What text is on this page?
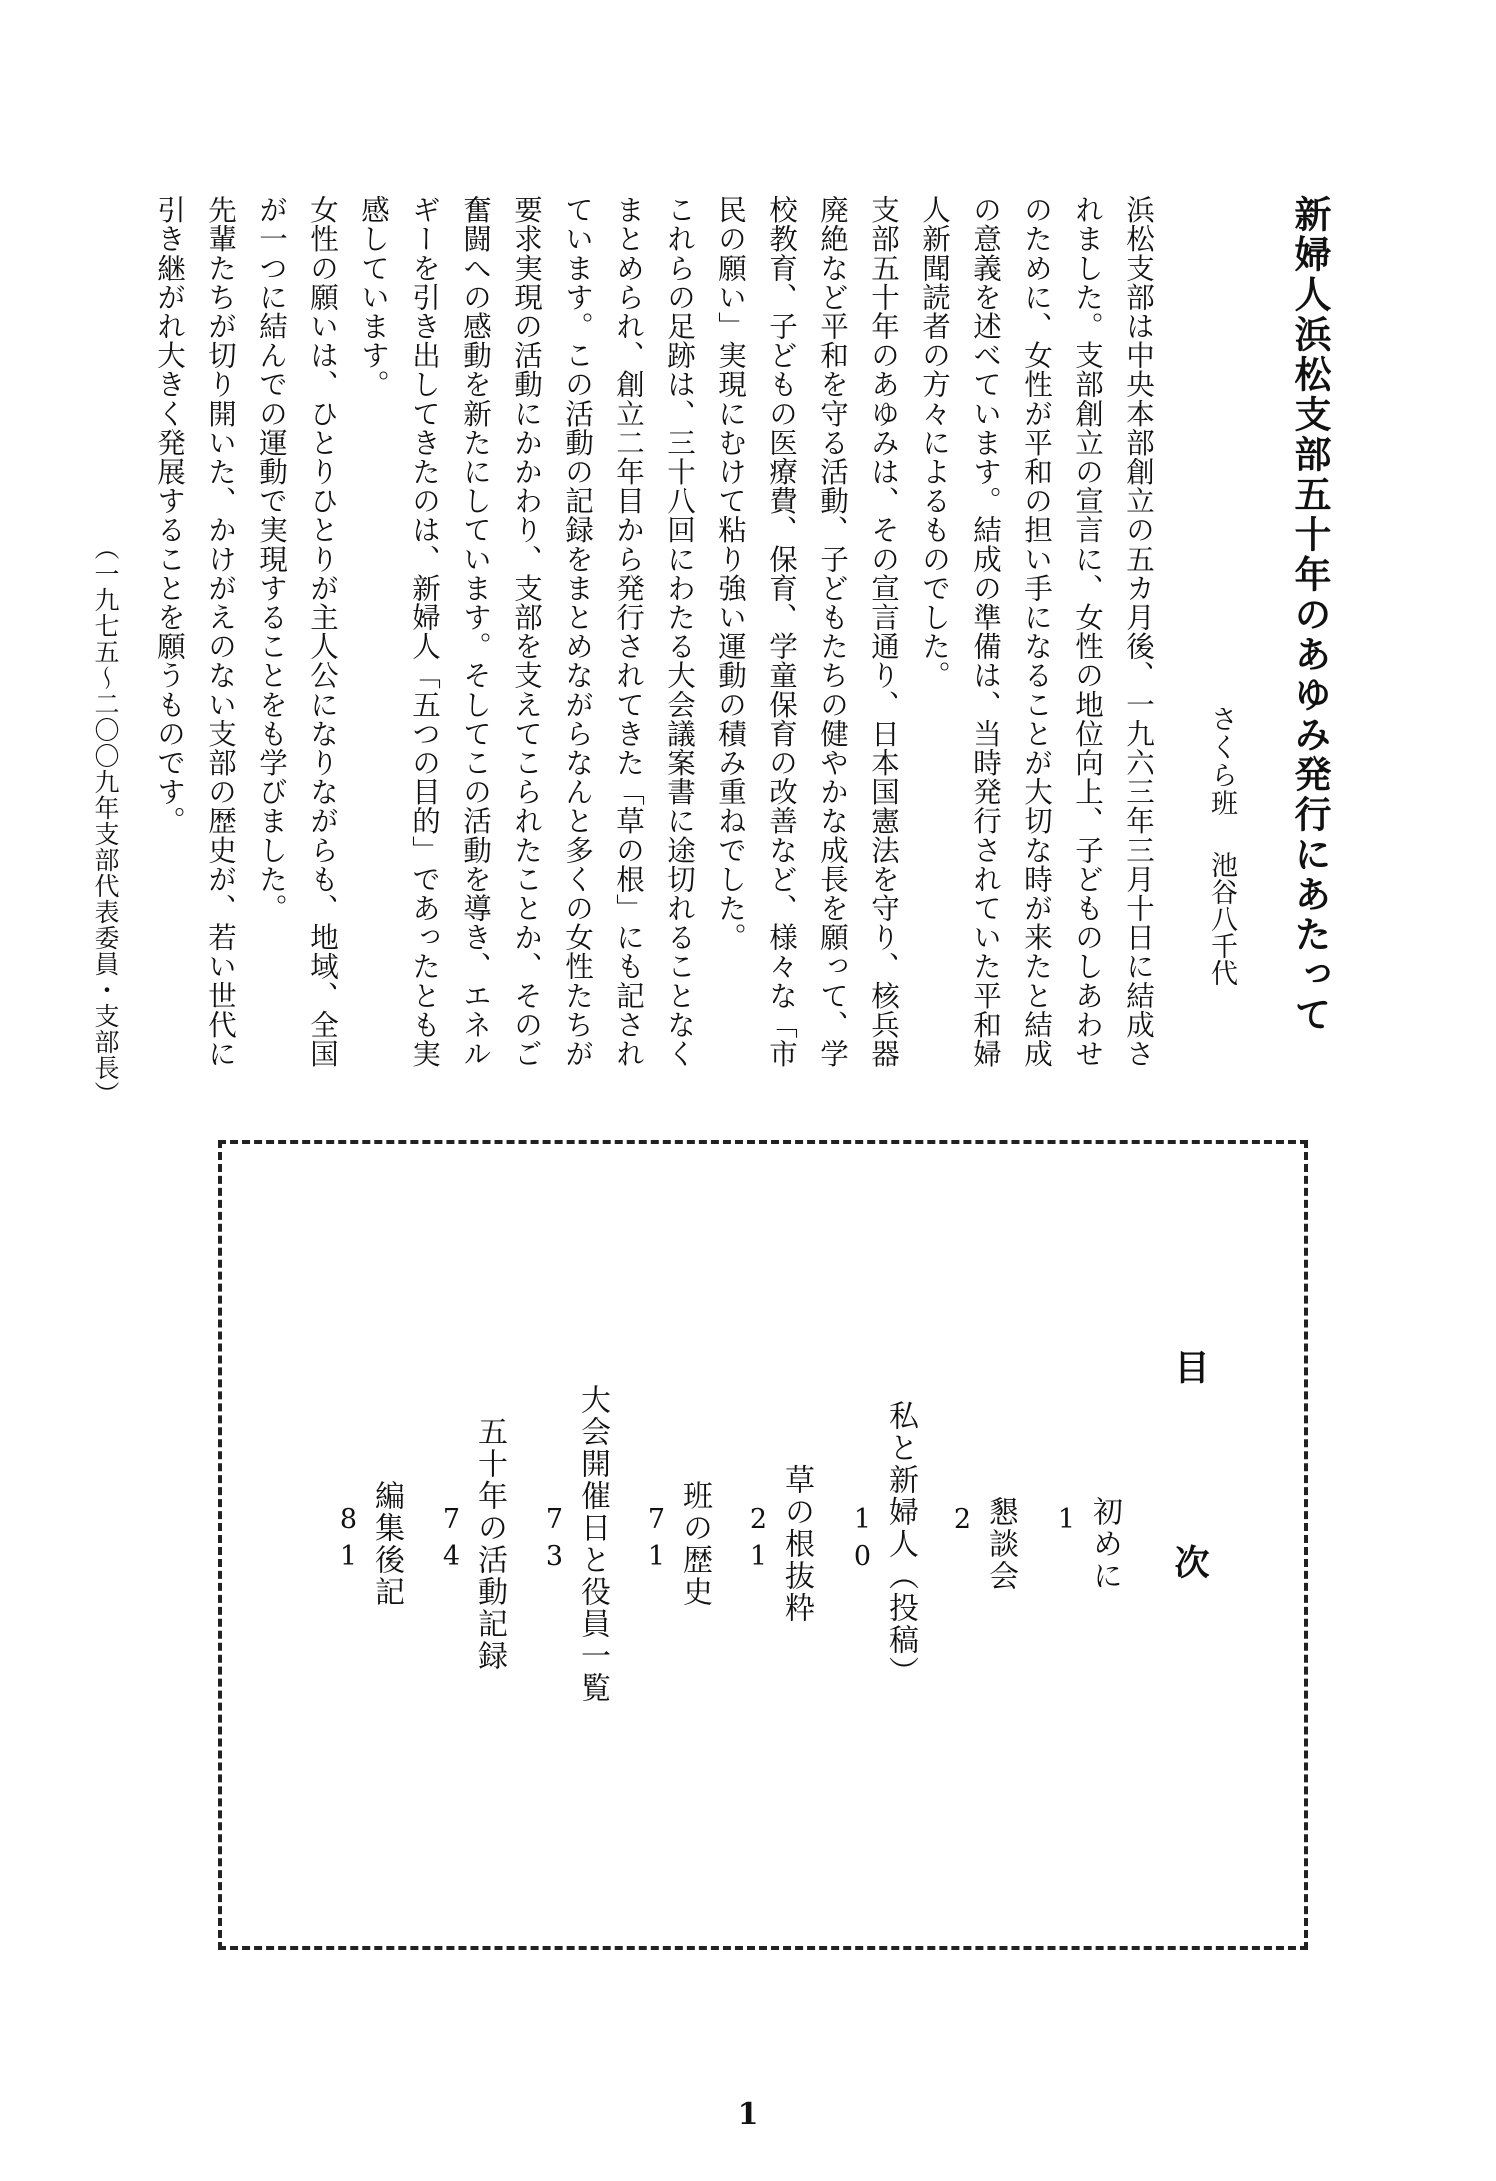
新婦人浜松支部五十年のあゆみ発行にあたって

さくら班池谷八千代

浜松支部は中央本部創立の五カ月後、一九六三年三月十日に結成されました。支部創立の宣言に、女性の地位向上、子どものしあわせのために、女性が平和の担い手になることが大切な時が来たと結成の意義を述べています。結成の準備は、当時発行されていた平和婦人新聞読者の方々によるものでした。

支部五十年のあゆみは、その宣言通り、日本国憲法を守り、核兵器廃絶など平和を守る活動、子どもたちの健やかな成長を願って、学校教育、子どもの医療費、保育、学童保育の改善など、様々な「市民の願い」実現にむけて粘り強い運動の積み重ねでした。

これらの足跡は、三十八回にわたる大会議案書に途切れることなくまとめられ、創立二年目から発行されてきた「草の根」にも記されています。この活動の記録をまとめながらなんと多くの女性たちが要求実現の活動にかかわり、支部を支えてこられたことか、そのご奮闘への感動を新たにしています。そしてこの活動を導き、エネルギーを引き出してきたのは、新婦人「五つの目的」であったとも実感しています。

女性の願いは、ひとりひとりが主人公になりながらも、地域、全国が一つに結んでの運動で実現することをも学びました。

先輩たちが切り開いた、かけがえのない支部の歴史が、若い世代に引き継がれ大きく発展することを願うものです。

（一九七五～二〇〇九年支部代表委員・支部長）

目次
初めに
1
懇談会
2
私と新婦人（投稿）
10
草の根抜粋
21
班の歴史
71
大会開催日と役員一覧
73
五十年の活動記録
74
編集後記
81

1
